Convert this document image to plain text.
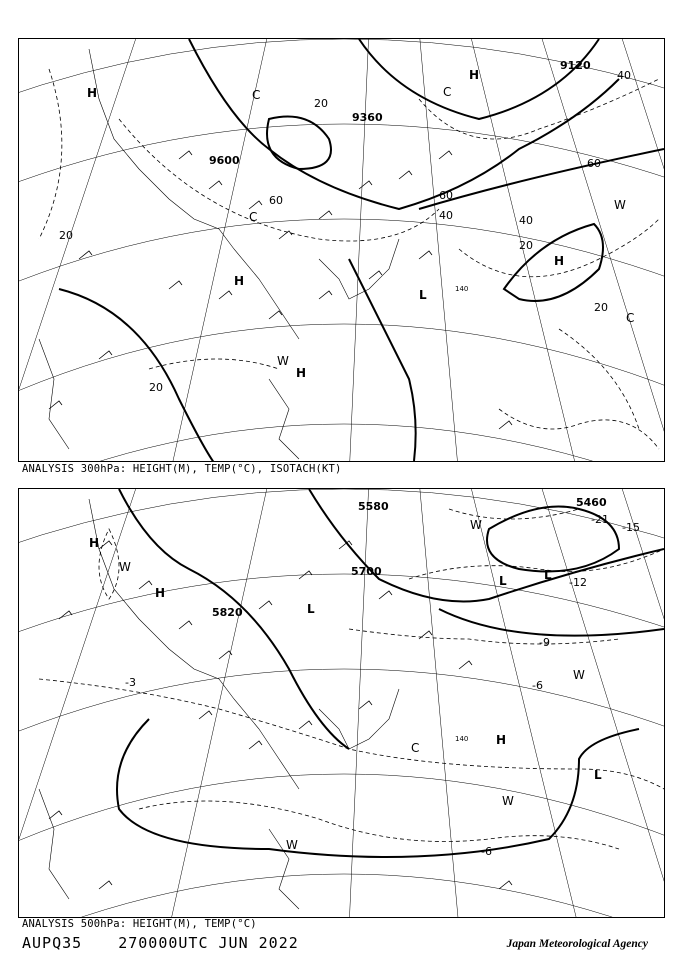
9600
9360
9120
20
20
20
20
40	40
60
60	60
40
20
H
H
H
H
H
L
C	C
C
W
W
C
140
ANALYSIS 300hPa: HEIGHT(M), TEMP(°C), ISOTACH(KT)
5820
5700
5580	5460
-3	-6
-9
-12
-15
-21
-6
H
H
L
L	L
H
L
C
W
W
W
W
W
140
ANALYSIS 500hPa: HEIGHT(M), TEMP(°C)
AUPQ35 270000UTC JUN 2022	Japan Meteorological Agency
